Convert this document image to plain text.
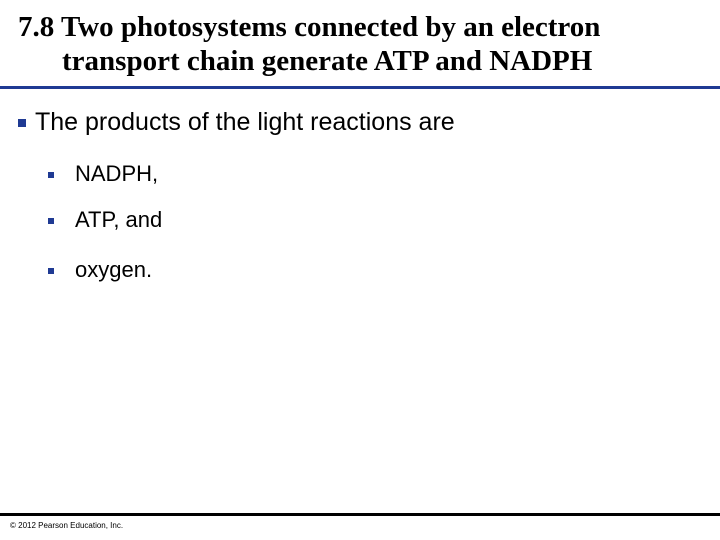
7.8 Two photosystems connected by an electron
transport chain generate ATP and NADPH
The products of the light reactions are
NADPH,
ATP, and
oxygen.
© 2012 Pearson Education, Inc.
